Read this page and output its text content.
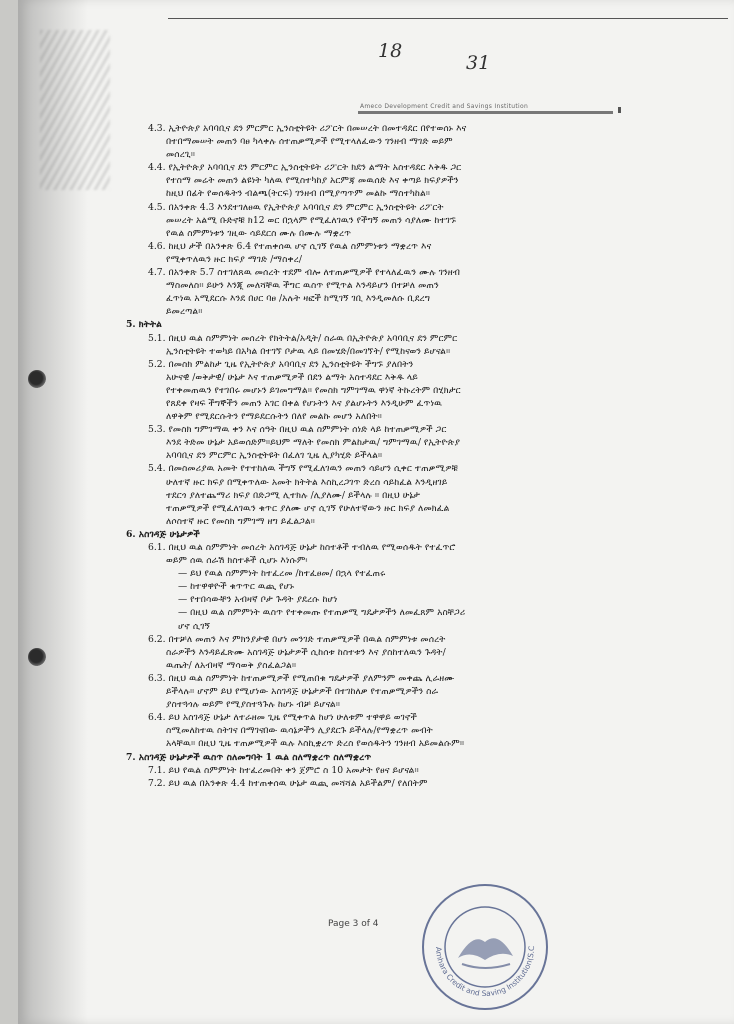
18
31
Ameco Development Credit and Savings Institution
4.3. ኢትዮጵያ አባባቢና ደን ምርምር ኢንስቲትዩት ሪፖርት በመሠረት በመተዳደር በየተወሰኑ እና
በተበማመሠት መጠን ባፀ ካላቀሉ ሰተጠቃሚዎች የሚተላለፈውን ገንዘብ ማገድ ወይም
መሰረጊ።
4.4. የኢትዮጵያ አባባቢና ደን ምርምር ኢንስቲትዩት ሪፖርት ክደን ልማት አስተዳደር እቅዱ ጋር
የተስማ መሬት መጠን ልዩነት ካለዉ የሚስተካከያ አርምጃ መዉሰድ እና ቀጣይ ክፍያዎችን
ከዚህ በፊት የወሰዱትን ብልጫ(ትርፍ) ገንዘብ በሚያጣጥም መልኩ ማስተካከል።
4.5. በአንቀጽ 4.3 እንደተገለፀዉ የኢትዮጵያ አባባቢና ደን ምርምር ኢንስቲትዩት ሪፖርት
መሠረት አልሚ ቡድኖቹ ክ12 ወር በኋላም የሚፈለገዉን የችግኝ መጠን ሳያለሙ ከተገኙ
የዉል ስምምነቱን ገዚው ሳይደርስ ሙሉ በሙሉ ማቋረጥ
4.6. ከዚህ ታች በአንቀጽ 6.4 የተጠቀሰዉ ሆኖ ሲገኝ የዉል ስምምነቱን ማቋረጥ እና
የሚቀጥለዉን ዙር ክፍያ ማገድ /ማስቀረ/
4.7. በአንቀጽ 5.7 ስተገለጸዉ መሰረት ተደም ብሎ ለተጠቃሚዎች የተላለፈዉን ሙሉ ገንዘብ
ማስመለስ። ይሁን እንጂ መለሻቸዉ ችግር ዉስጥ የሚጥል እንዳይሆን በተቻለ መጠን
ፈጥነዉ አሚደርሱ እንደ በሀር ባፀ /አሉት ዛፎች ከሚገኝ ገቢ እንዲመለሱ ቢደረግ
ይመረጣል።
5. ክትትል
5.1. በዚህ ዉል ስምምነት መሰረት የክትትል/አዲት/ ስራዉ በኢትዮጵያ አባባቢና ደን ምርምር
ኢንስቲትዩት ተወካይ በአካል በተገኘ ቦታዉ ላይ በመሄድ/በመገኘት/ የሚከናወን ይሆናል።
5.2. በመስክ ምልከታ ጊዜ የኢትዮጵያ አባባቢና ደን ኢንስቲትዩት ችግኙ ያለበትን
አሁናዊ /ወቅታዊ/ ሁኔታ እና ተጠቃሚዎች በደን ልማት አስተዳደር እቅዱ ላይ
የተቀመጠዉን የተገበሩ መሆኑን ይገመግማል። የመስክ ግምገማዉ ዋነኛ ትኩረትም በሂክታር
የጸደቀ የዛፍ ችግኞችን መጠን አገር በቀል የሆኑትን እና ያልሆኑትን እንዲሁም ፈጥነዉ
ለዋቅም የሚደርሱትን የማይደርሱትን በለየ መልኩ መሆን አለበት።
5.3. የመስክ ግምገማዉ ቀን እና ሰዓት በዚህ ዉል ስምምነት ሰነድ ላይ ከተጠቃሚዎች ጋር
እንደ ትድመ ሁኔታ አይወሰድም።ይህም ማለት የመስክ ምልከታዉ/ ግምገማዉ/ የኢትዮጵያ
አባባቢና ደን ምርምር ኢንስቲትዩት በፈለገ ጊዜ ሊያካሂድ ይችላል።
5.4. በመስመሪያዉ አመት የተተከለዉ ችግኝ የሚፈለገዉን መጠን ሳይሆን ሲቀር ተጠቃሚዎቹ
ሁለተኛ ዙር ክፍያ በሚቀጥለው አመት ክትትል እስኪረጋገጥ ድረስ ሳይከፈል እንዲዘገይ
ተደርጎ ያለተጨማሪ ክፍያ በድጋሚ ሊተክሉ /ሊያለሙ/ ይችላሉ ። በዚህ ሁኔታ
ተጠቃሚዎች የሚፈለገዉን ቁጥር ያለሙ ሆኖ ሲገኝ የሁለተኛውን ዙር ክፍያ ለመክፈል
ለሶስተኛ ዙር የመስክ ግምገማ ዘግ ይፈልጋል።
6. አስገዳጅ ሁኔታዎች
6.1. በዚህ ዉል ስምምነት መሰረት አስገዳጅ ሁኔታ ከስተቶች ተብለዉ የሚወሰዱት የተፈጥሮ
ወይም ሰዉ ሰራሽ ክስተቶች ሲሆኑ እነሱም፡
— ይህ የዉል ስምምነት ከተፈረመ /ከተፈፀመ/ በኋላ የተፈጠሩ
— ከተዋዋዮች ቁጥጥር ዉጪ የሆኑ
— የተበሳውቸን አብዛኛ ቦታ ጉዳት ያደረሱ ከሆነ
— በዚህ ዉል ስምምነት ዉስጥ የተቀመጡ የተጠቃሚ ግዴታዎችን ለመፈጸም አስቸጋሪ
ሆኖ ሲገኝ
6.2. በተቻለ መጠን እና ምክንያታዊ በሆነ መንገድ ተጠቃሚዎች በዉል ስምምነቱ መሰረት
ስራዎችን እንዳይፈጽሙ አስገዳጅ ሁኔታዎች ሲከሰቱ ከስተቱን እና ያስከተለዉን ጉዳት/
ዉጤት/ ለአብዛኛ ማሳወቅ ያስፈልጋል።
6.3. በዚህ ዉል ስምምነት ከተጠቃሚዎች የሚጠበቁ ግዴታዎች ያለምንም መቀጨ ሊራዘሙ
ይችላሉ። ሆኖም ይህ የሚሆነው አስገዳጅ ሁኔታዎች በተገከለቃ የተጠቃሚዎችን ስራ
ያስተጓጎሉ ወይም የሚያስተጓጉሉ ከሆኑ ብቻ ይሆናል።
6.4. ይህ አስገዳጅ ሁኔታ ለተራዘመ ጊዜ የሚቀጥል ከሆነ ሁለቱም ተዋዋይ ወገኖች
ስሚመለከተዉ ስትገና በማገናበው ዉሳኔዎችን ሊያደርጉ ይችላሉ/የማቋረጥ መብት
አላቸዉ። በዚህ ጊዜ ተጠቃሚዎች ዉሉ እስኪቋረጥ ድረስ የወሰዱትን ገንዘብ አይመልሱም።
7. አስገዳጅ ሁኔታዎች ዉስጥ ስለመግባት 1 ዉል ስለማቋረጥ ስለማቋረጥ
7.1. ይህ የዉል ስምምነት ከተፈረመበት ቀን ጀምሮ ስ 10 አመታት የፀና ይሆናል።
7.2. ይህ ዉል በአንቀጽ 4.4 ከተጠቀሰዉ ሁኔታ ዉጪ መሻሻል አይችልም/ የለበትም
Page 3 of 4
Amhara Credit and Saving Institution(S.C
